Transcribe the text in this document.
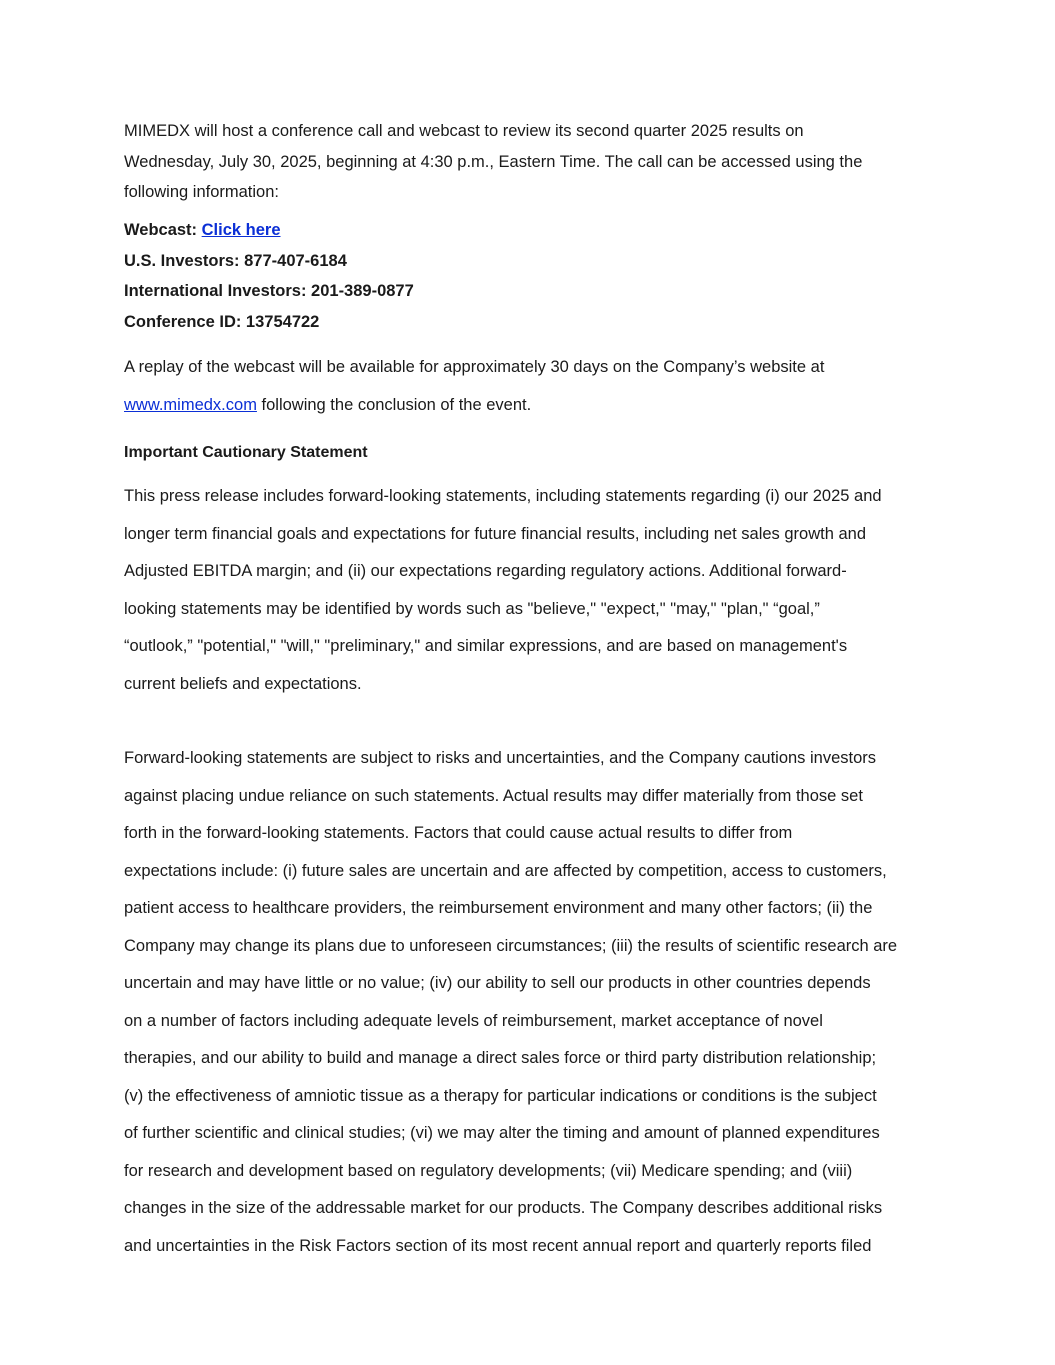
MIMEDX will host a conference call and webcast to review its second quarter 2025 results on
Wednesday, July 30, 2025, beginning at 4:30 p.m., Eastern Time. The call can be accessed using the
following information:
Webcast: Click here
U.S. Investors: 877-407-6184
International Investors: 201-389-0877
Conference ID: 13754722
A replay of the webcast will be available for approximately 30 days on the Company’s website at
www.mimedx.com following the conclusion of the event.
Important Cautionary Statement
This press release includes forward-looking statements, including statements regarding (i) our 2025 and
longer term financial goals and expectations for future financial results, including net sales growth and
Adjusted EBITDA margin; and (ii) our expectations regarding regulatory actions. Additional forward-
looking statements may be identified by words such as "believe," "expect," "may," "plan," “goal,”
“outlook,” "potential," "will," "preliminary," and similar expressions, and are based on management's
current beliefs and expectations.
Forward-looking statements are subject to risks and uncertainties, and the Company cautions investors
against placing undue reliance on such statements. Actual results may differ materially from those set
forth in the forward-looking statements. Factors that could cause actual results to differ from
expectations include: (i) future sales are uncertain and are affected by competition, access to customers,
patient access to healthcare providers, the reimbursement environment and many other factors; (ii) the
Company may change its plans due to unforeseen circumstances; (iii) the results of scientific research are
uncertain and may have little or no value; (iv) our ability to sell our products in other countries depends
on a number of factors including adequate levels of reimbursement, market acceptance of novel
therapies, and our ability to build and manage a direct sales force or third party distribution relationship;
(v) the effectiveness of amniotic tissue as a therapy for particular indications or conditions is the subject
of further scientific and clinical studies; (vi) we may alter the timing and amount of planned expenditures
for research and development based on regulatory developments; (vii) Medicare spending; and (viii)
changes in the size of the addressable market for our products. The Company describes additional risks
and uncertainties in the Risk Factors section of its most recent annual report and quarterly reports filed
